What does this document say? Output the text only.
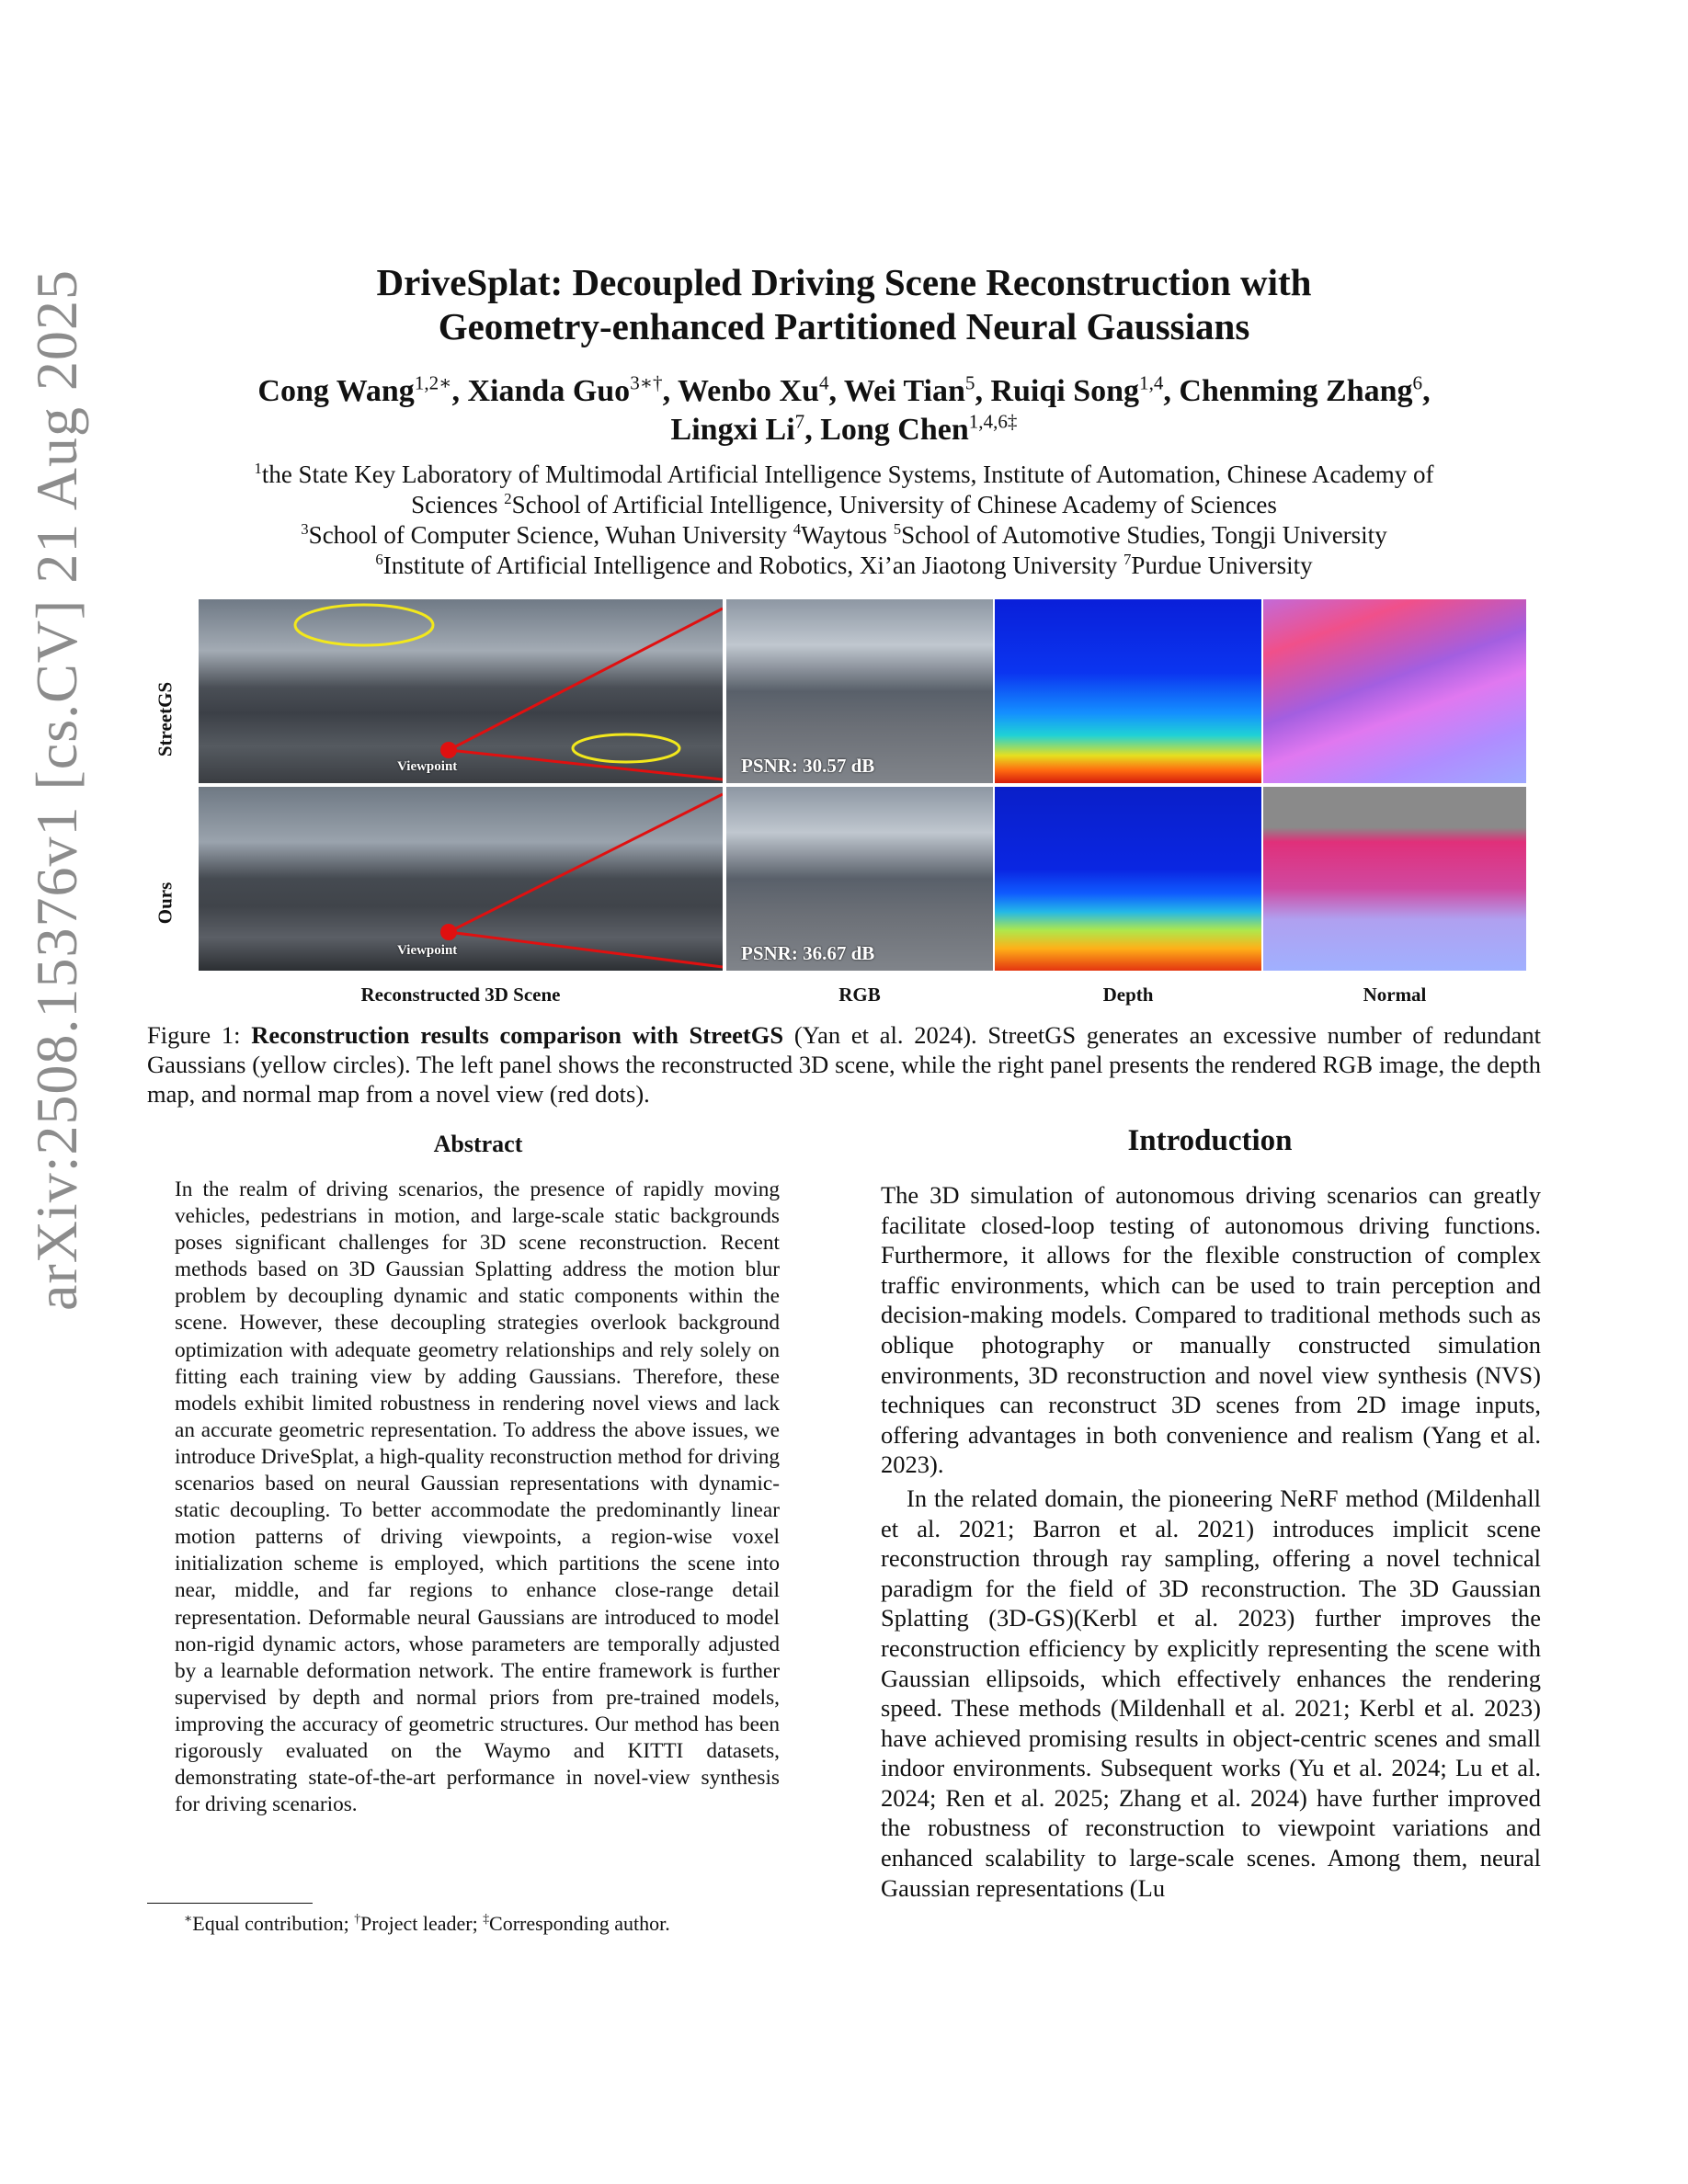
arXiv:2508.15376v1 [cs.CV] 21 Aug 2025	DriveSplat: Decoupled Driving Scene Reconstruction with
Geometry-enhanced Partitioned Neural Gaussians
Cong Wang$^{1,2∗}$, Xianda Guo$^{3∗\dagger}$, Wenbo Xu$^4$, Wei Tian$^5$, Ruiqi Song$^{1,4}$, Chenming Zhang$^6$,
Lingxi Li$^7$, Long Chen$^{1,4,6\ddagger}$
$^1$the State Key Laboratory of Multimodal Artificial Intelligence Systems, Institute of Automation, Chinese Academy of
Sciences $^2$School of Artificial Intelligence, University of Chinese Academy of Sciences
$^3$School of Computer Science, Wuhan University $^4$Waytous $^5$School of Automotive Studies, Tongji University
$^6$Institute of Artificial Intelligence and Robotics, Xi’an Jiaotong University $^7$Purdue University
StreetGS
Ours
Viewpoint	PSNR: 30.57 dB
Viewpoint	PSNR: 36.67 dB
Reconstructed 3D Scene	RGB	Depth	Normal
Figure 1: Reconstruction results comparison with StreetGS (Yan et al. 2024). StreetGS generates an excessive number of redundant Gaussians (yellow circles). The left panel shows the reconstructed 3D scene, while the right panel presents the rendered RGB image, the depth map, and normal map from a novel view (red dots).
Abstract
In the realm of driving scenarios, the presence of rapidly moving vehicles, pedestrians in motion, and large-scale static backgrounds poses significant challenges for 3D scene reconstruction. Recent methods based on 3D Gaussian Splatting address the motion blur problem by decoupling dynamic and static components within the scene. However, these decoupling strategies overlook background optimization with adequate geometry relationships and rely solely on fitting each training view by adding Gaussians. Therefore, these models exhibit limited robustness in rendering novel views and lack an accurate geometric representation. To address the above issues, we introduce DriveSplat, a high-quality reconstruction method for driving scenarios based on neural Gaussian representations with dynamic-static decoupling. To better accommodate the predominantly linear motion patterns of driving viewpoints, a region-wise voxel initialization scheme is employed, which partitions the scene into near, middle, and far regions to enhance close-range detail representation. Deformable neural Gaussians are introduced to model non-rigid dynamic actors, whose parameters are temporally adjusted by a learnable deformation network. The entire framework is further supervised by depth and normal priors from pre-trained models, improving the accuracy of geometric structures. Our method has been rigorously evaluated on the Waymo and KITTI datasets, demonstrating state-of-the-art performance in novel-view synthesis for driving scenarios.
∗Equal contribution; †Project leader; ‡Corresponding author.
Introduction

The 3D simulation of autonomous driving scenarios can greatly facilitate closed-loop testing of autonomous driving functions. Furthermore, it allows for the flexible construction of complex traffic environments, which can be used to train perception and decision-making models. Compared to traditional methods such as oblique photography or manually constructed simulation environments, 3D reconstruction and novel view synthesis (NVS) techniques can reconstruct 3D scenes from 2D image inputs, offering advantages in both convenience and realism (Yang et al. 2023).

In the related domain, the pioneering NeRF method (Mildenhall et al. 2021; Barron et al. 2021) introduces implicit scene reconstruction through ray sampling, offering a novel technical paradigm for the field of 3D reconstruction. The 3D Gaussian Splatting (3D-GS)(Kerbl et al. 2023) further improves the reconstruction efficiency by explicitly representing the scene with Gaussian ellipsoids, which effectively enhances the rendering speed. These methods (Mildenhall et al. 2021; Kerbl et al. 2023) have achieved promising results in object-centric scenes and small indoor environments. Subsequent works (Yu et al. 2024; Lu et al. 2024; Ren et al. 2025; Zhang et al. 2024) have further improved the robustness of reconstruction to viewpoint variations and enhanced scalability to large-scale scenes. Among them, neural Gaussian representations (Lu
